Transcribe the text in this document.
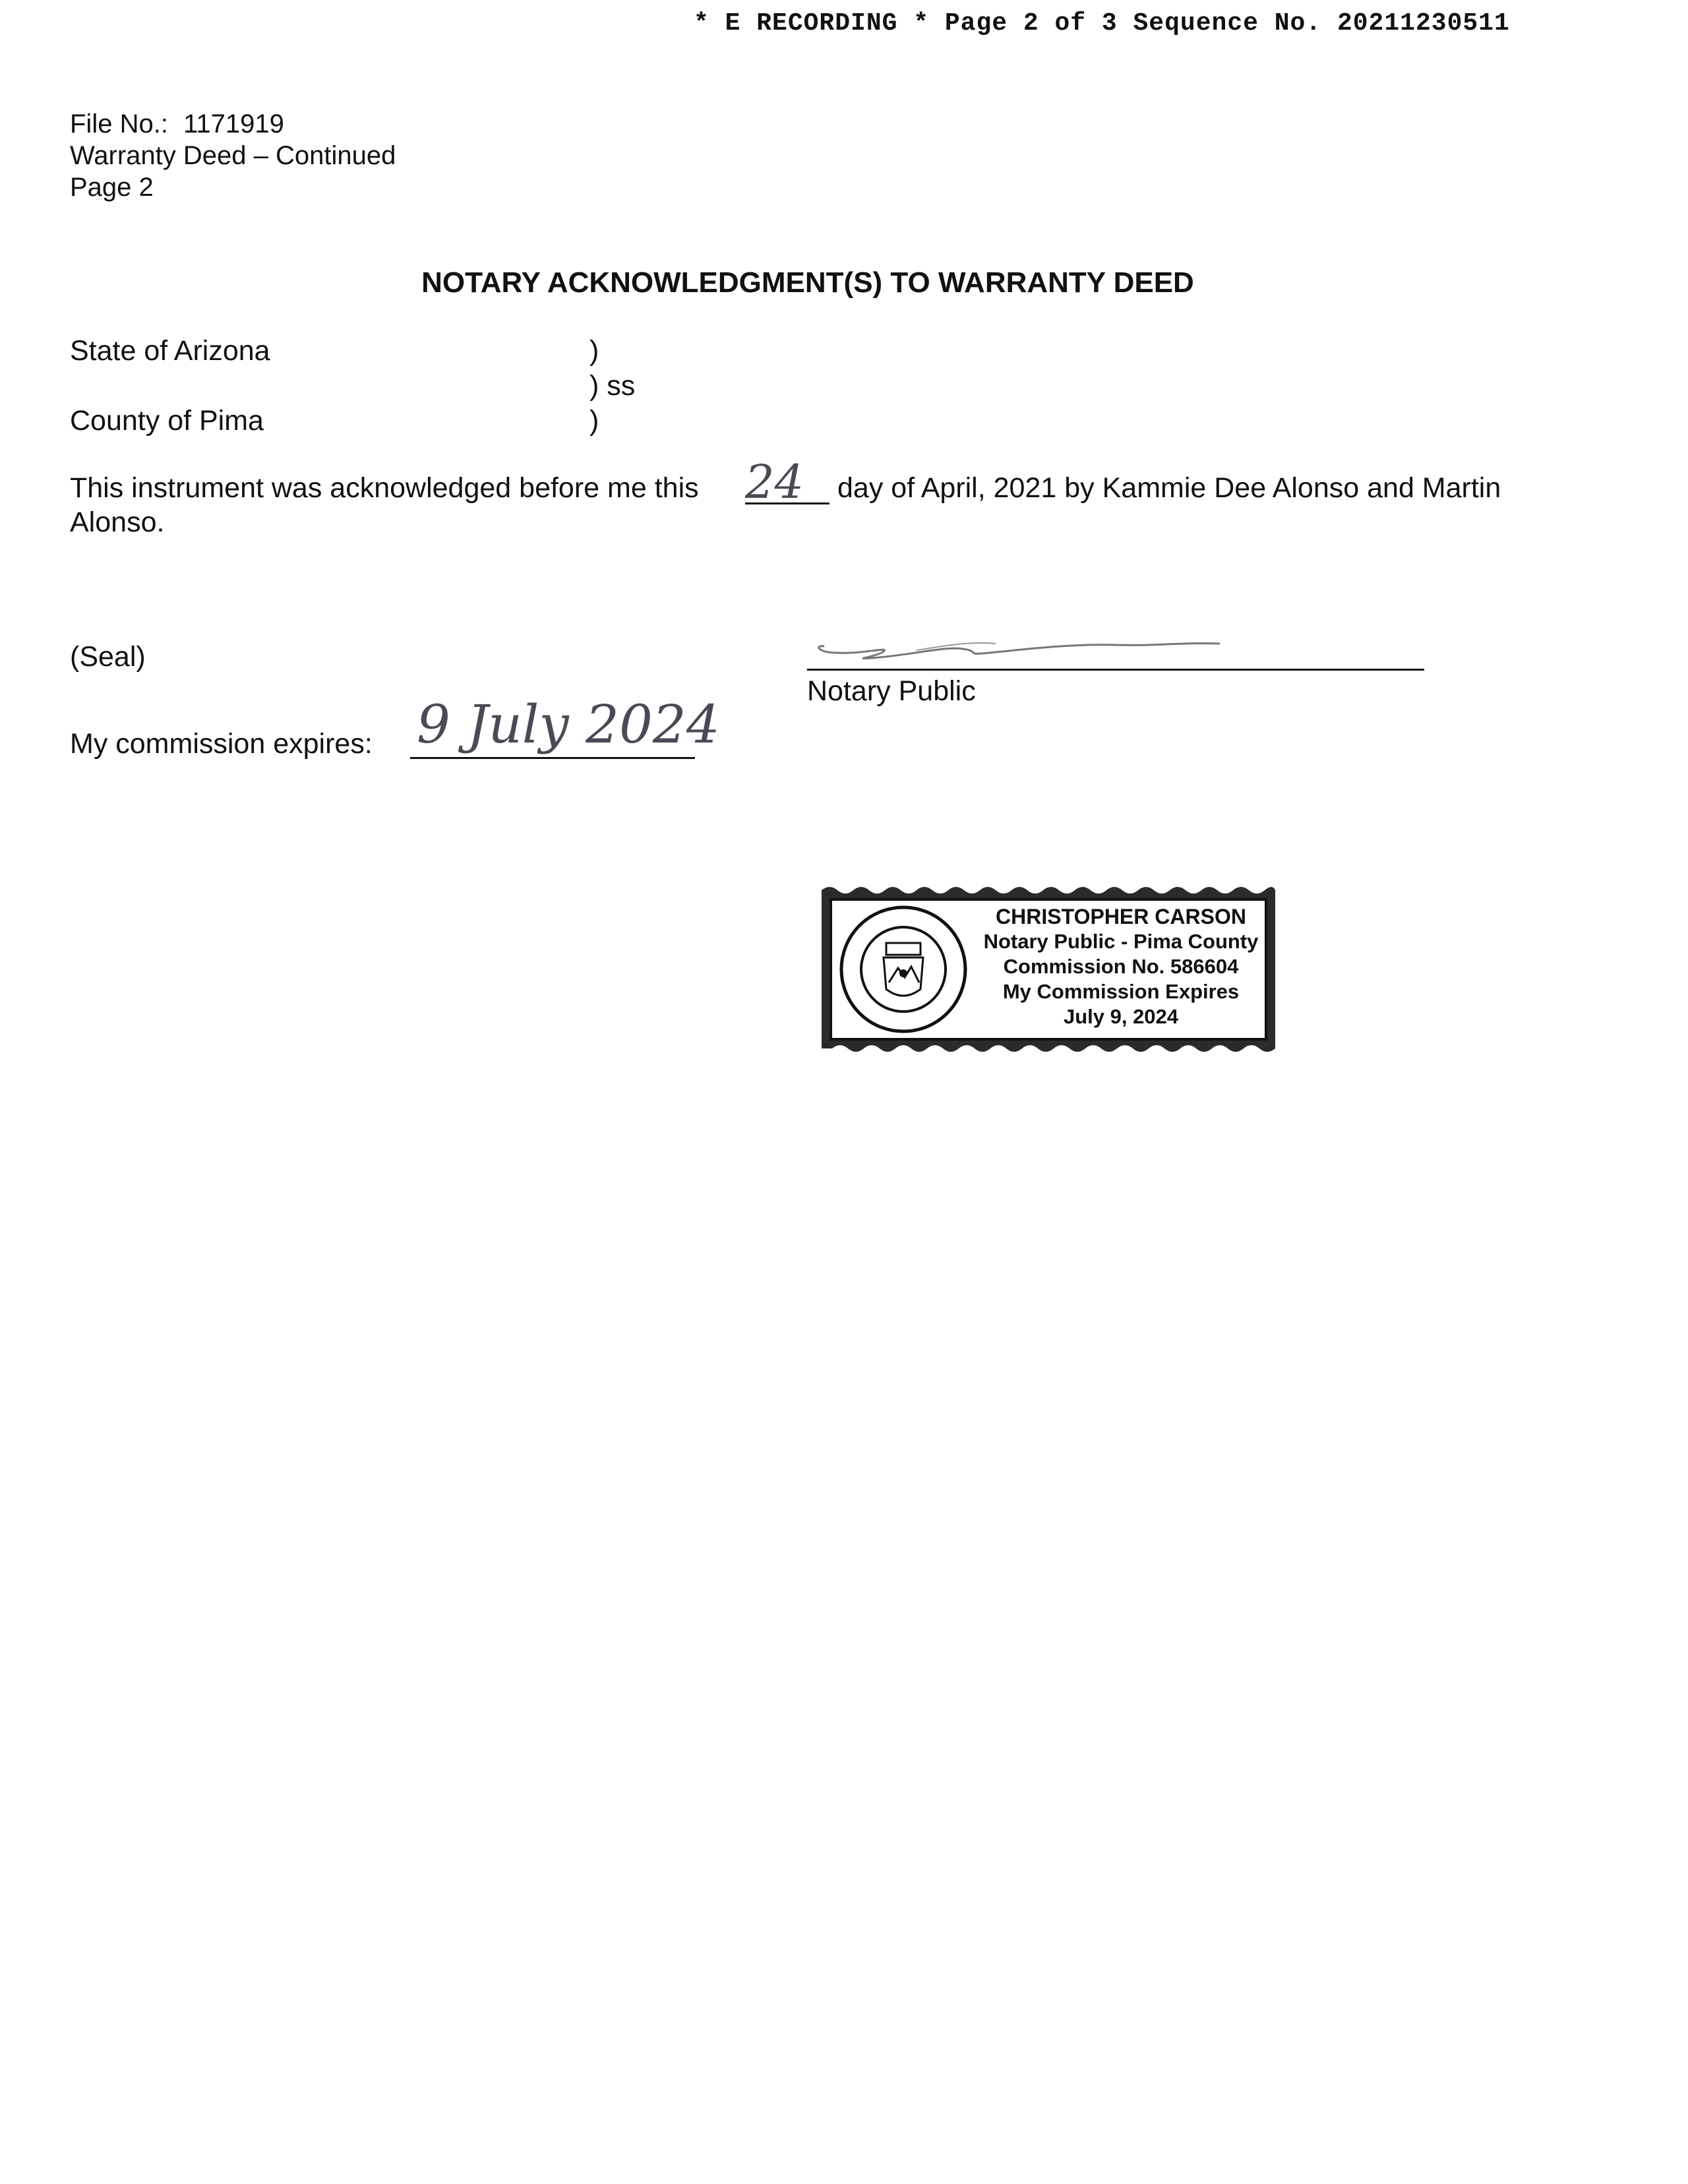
* E RECORDING * Page 2 of 3 Sequence No. 20211230511
File No.: 1171919
Warranty Deed – Continued
Page 2
NOTARY ACKNOWLEDGMENT(S) TO WARRANTY DEED
State of Arizona
County of Pima
)
) ss
)
This instrument was acknowledged before me this 24 day of April, 2021 by Kammie Dee Alonso and Martin
Alonso.
(Seal)
Notary Public
My commission expires: 9 July 2024
CHRISTOPHER CARSON
Notary Public - Pima County
Commission No. 586604
My Commission Expires
July 9, 2024
